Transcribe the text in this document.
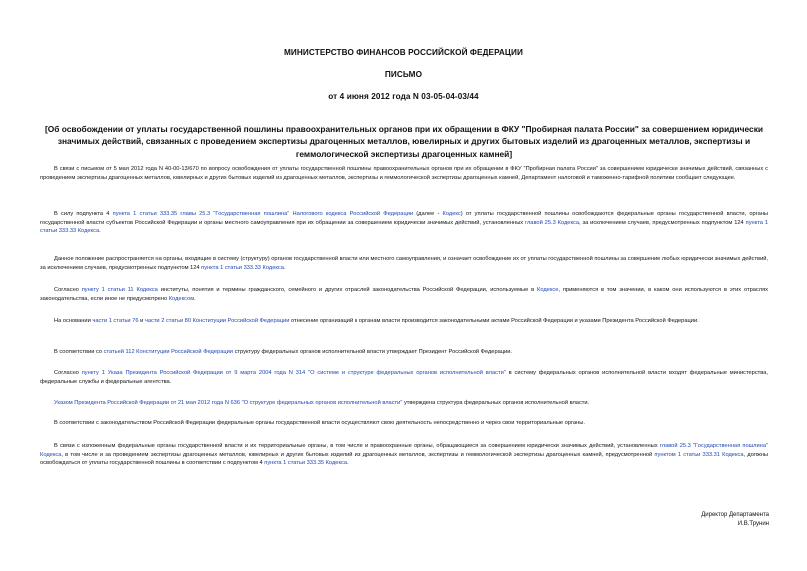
МИНИСТЕРСТВО ФИНАНСОВ РОССИЙСКОЙ ФЕДЕРАЦИИ
ПИСЬМО
от 4 июня 2012 года N 03-05-04-03/44
[Об освобождении от уплаты государственной пошлины правоохранительных органов при их обращении в ФКУ "Пробирная палата России" за совершением юридически значимых действий, связанных с проведением экспертизы драгоценных металлов, ювелирных и других бытовых изделий из драгоценных металлов, экспертизы и геммологической экспертизы драгоценных камней]

В связи с письмом от 5 мая 2012 года N 40-00-13/670 по вопросу освобождения от уплаты государственной пошлины правоохранительных органов при их обращении в ФКУ "Пробирная палата России" за совершением юридически значимых действий, связанных с проведением экспертизы драгоценных металлов, ювелирных и других бытовых изделий из драгоценных металлов, экспертизы и геммологической экспертизы драгоценных камней, Департамент налоговой и таможенно-тарифной политики сообщает следующее.

В силу подпункта 4 пункта 1 статьи 333.35 главы 25.3 "Государственная пошлина" Налогового кодекса Российской Федерации (далее - Кодекс) от уплаты государственной пошлины освобождаются федеральные органы государственной власти, органы государственной власти субъектов Российской Федерации и органы местного самоуправления при их обращении за совершением юридически значимых действий, установленных главой 25.3 Кодекса, за исключением случаев, предусмотренных подпунктом 124 пункта 1 статьи 333.33 Кодекса.

Данное положение распространяется на органы, входящие в систему (структуру) органов государственной власти или местного самоуправления, и означает освобождение их от уплаты государственной пошлины за совершение любых юридически значимых действий, за исключением случаев, предусмотренных подпунктом 124 пункта 1 статьи 333.33 Кодекса.

Согласно пункту 1 статьи 11 Кодекса институты, понятия и термины гражданского, семейного и других отраслей законодательства Российской Федерации, используемые в Кодексе, применяются в том значении, в каком они используются в этих отраслях законодательства, если иное не предусмотрено Кодексом.

На основании части 1 статьи 76 и части 2 статьи 80 Конституции Российской Федерации отнесение организаций к органам власти производится законодательными актами Российской Федерации и указами Президента Российской Федерации.

В соответствии со статьей 112 Конституции Российской Федерации структуру федеральных органов исполнительной власти утверждает Президент Российской Федерации.

Согласно пункту 1 Указа Президента Российской Федерации от 9 марта 2004 года N 314 "О системе и структуре федеральных органов исполнительной власти" в систему федеральных органов исполнительной власти входят федеральные министерства, федеральные службы и федеральные агентства.

Указом Президента Российской Федерации от 21 мая 2012 года N 636 "О структуре федеральных органов исполнительной власти" утверждена структура федеральных органов исполнительной власти.

В соответствии с законодательством Российской Федерации федеральные органы государственной власти осуществляют свою деятельность непосредственно и через свои территориальные органы.

В связи с изложенным федеральные органы государственной власти и их территориальные органы, в том числе и правоохранные органы, обращающиеся за совершением юридически значимых действий, установленных главой 25.3 "Государственная пошлина" Кодекса, в том числе и за проведением экспертизы драгоценных металлов, ювелирных и других бытовых изделий из драгоценных металлов, экспертизы и геммологической экспертизы драгоценных камней, предусмотренной пунктом 1 статьи 333.31 Кодекса, должны освобождаться от уплаты государственной пошлины в соответствии с подпунктом 4 пункта 1 статьи 333.35 Кодекса.

Директор Департамента
И.В.Трунин
